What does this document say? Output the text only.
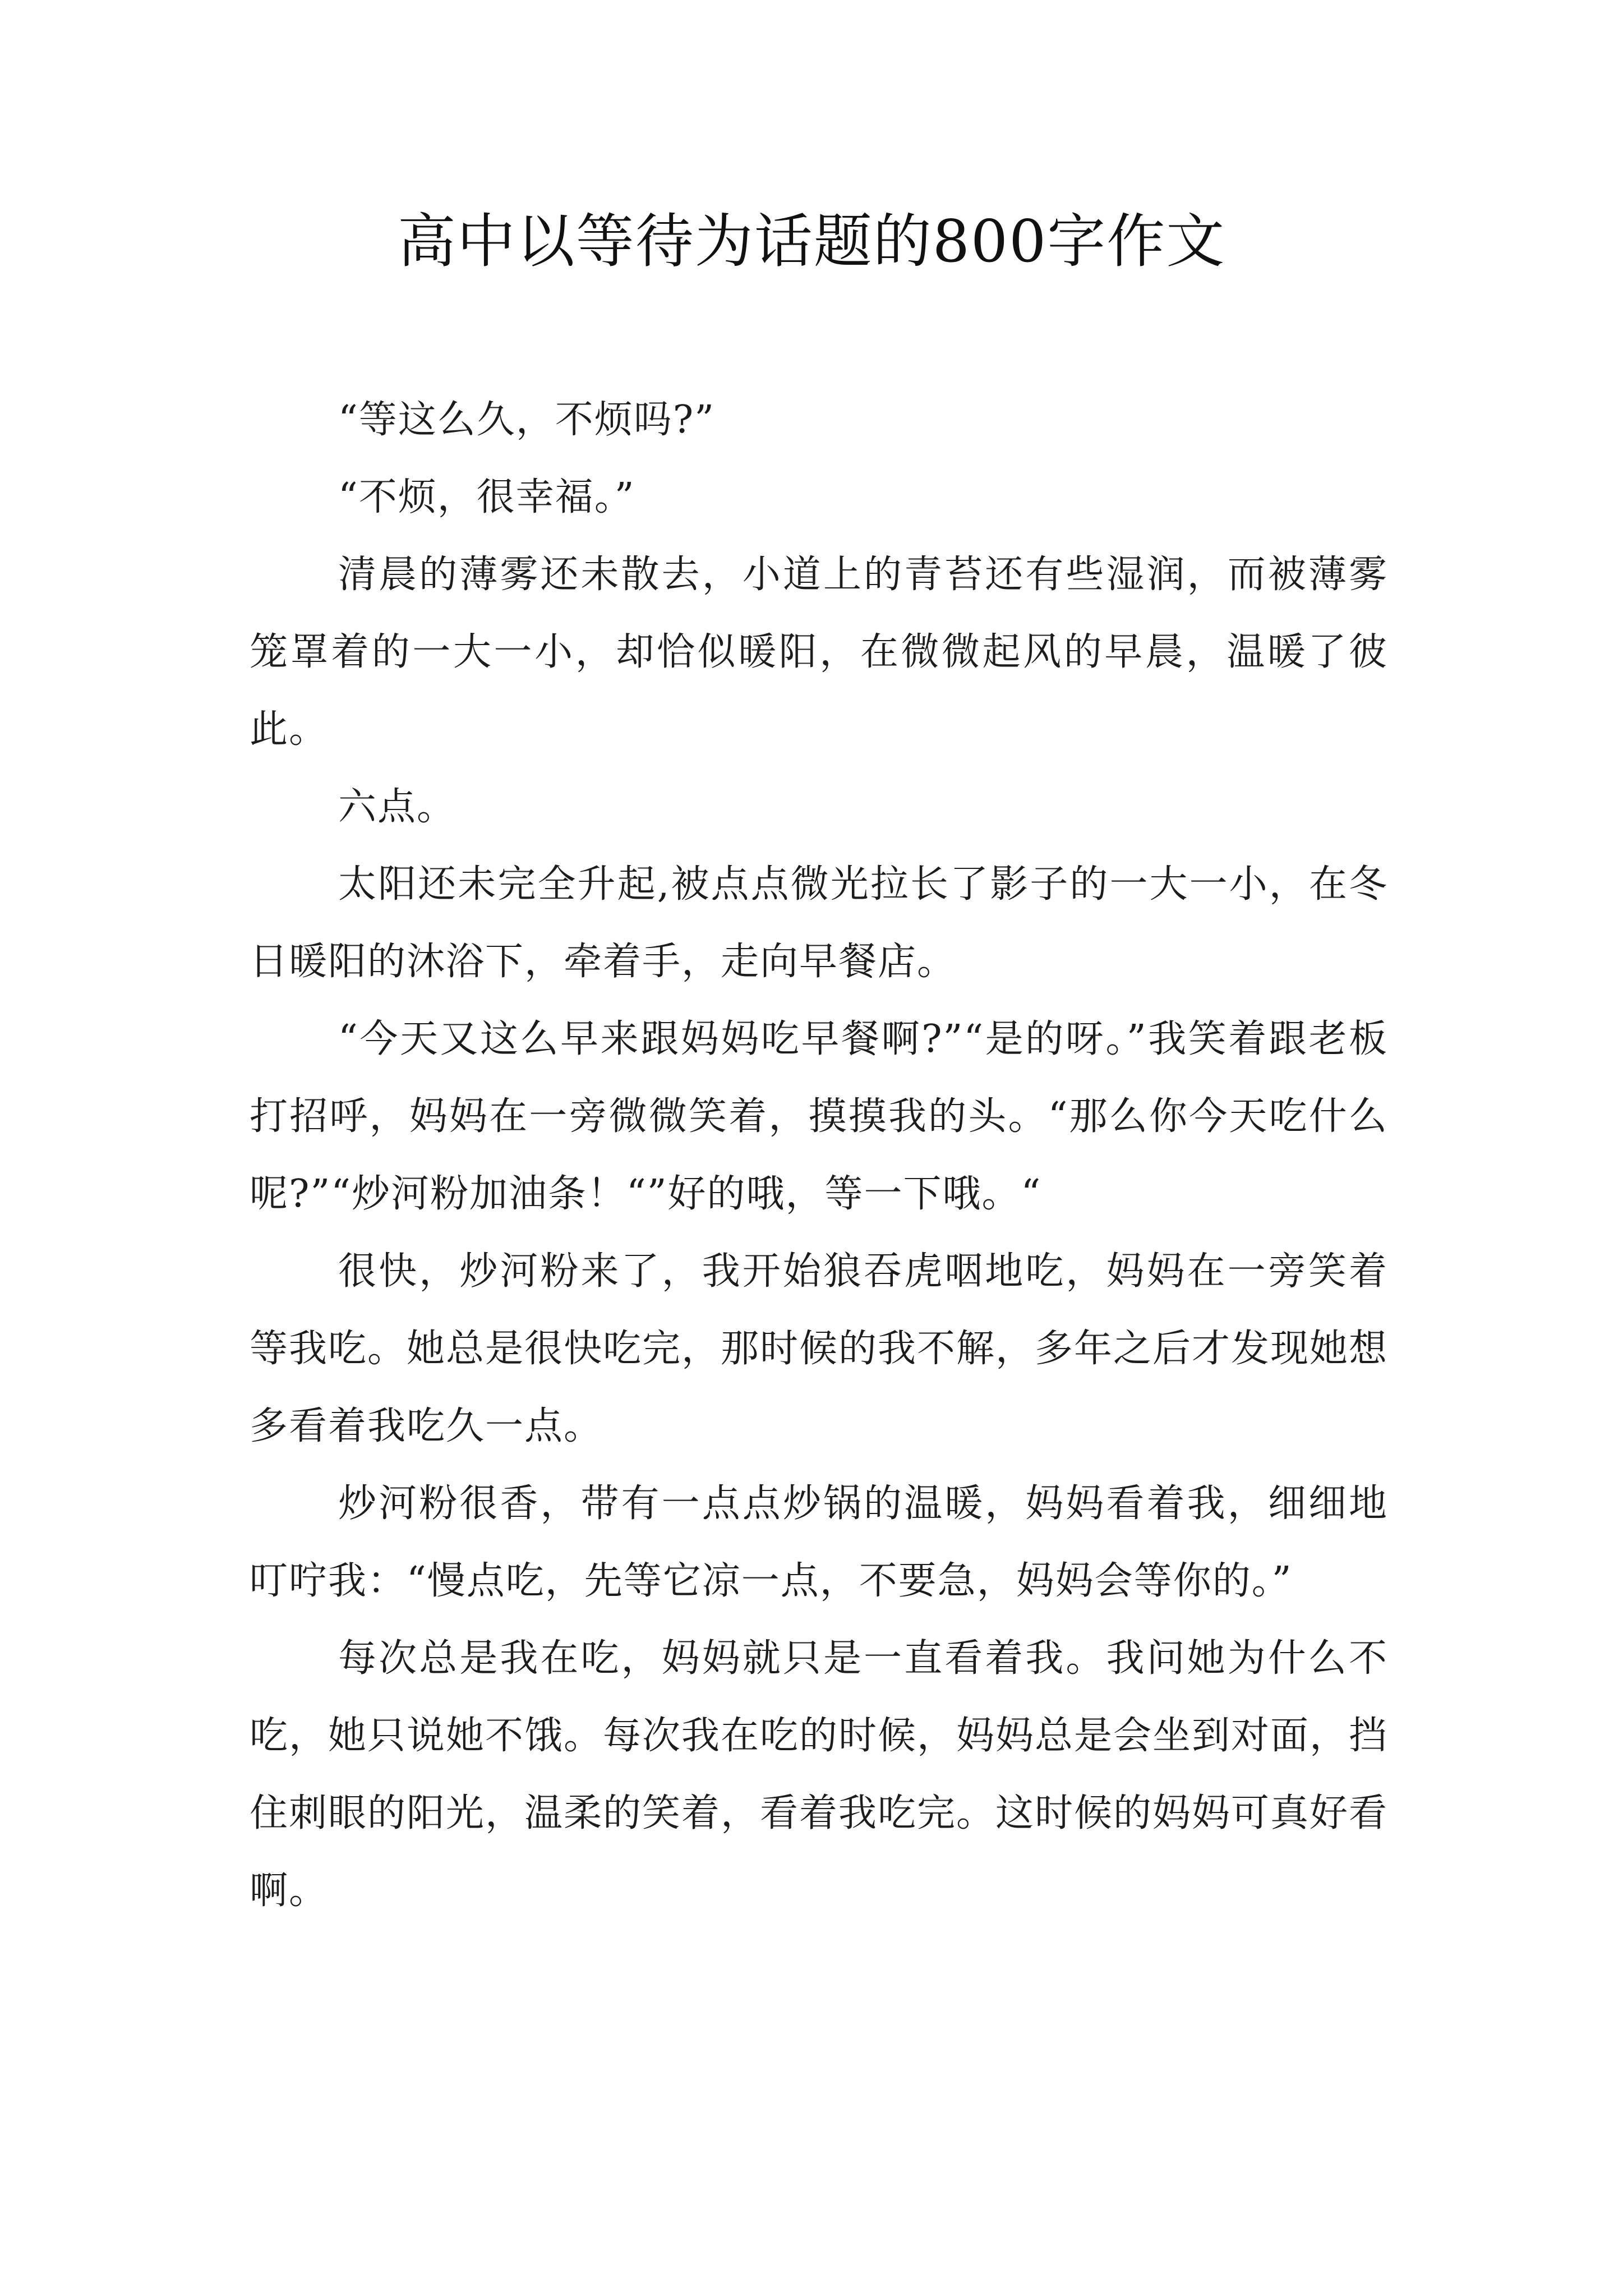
高中以等待为话题的800字作文

“等这么久，不烦吗?”

“不烦，很幸福。”

清晨的薄雾还未散去，小道上的青苔还有些湿润，而被薄雾笼罩着的一大一小，却恰似暖阳，在微微起风的早晨，温暖了彼此。

六点。

太阳还未完全升起,被点点微光拉长了影子的一大一小，在冬日暖阳的沐浴下，牵着手，走向早餐店。

“今天又这么早来跟妈妈吃早餐啊?”“是的呀。”我笑着跟老板打招呼，妈妈在一旁微微笑着，摸摸我的头。“那么你今天吃什么呢?”“炒河粉加油条！“”好的哦，等一下哦。“

很快，炒河粉来了，我开始狼吞虎咽地吃，妈妈在一旁笑着等我吃。她总是很快吃完，那时候的我不解，多年之后才发现她想多看着我吃久一点。

炒河粉很香，带有一点点炒锅的温暖，妈妈看着我，细细地叮咛我：“慢点吃，先等它凉一点，不要急，妈妈会等你的。”

每次总是我在吃，妈妈就只是一直看着我。我问她为什么不吃，她只说她不饿。每次我在吃的时候，妈妈总是会坐到对面，挡住刺眼的阳光，温柔的笑着，看着我吃完。这时候的妈妈可真好看啊。
